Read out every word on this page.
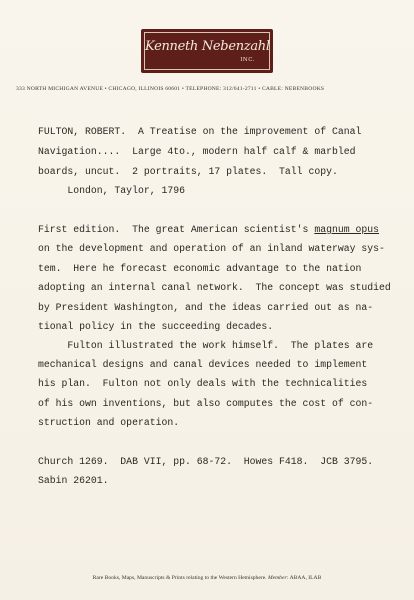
Kenneth Nebenzahl
INC.
333 NORTH MICHIGAN AVENUE • CHICAGO, ILLINOIS 60601 • TELEPHONE: 312/641-2711 • CABLE: NEBENBOOKS
FULTON, ROBERT.  A Treatise on the improvement of Canal
Navigation....  Large 4to., modern half calf & marbled
boards, uncut.  2 portraits, 17 plates.  Tall copy.
London, Taylor, 1796
First edition.  The great American scientist's magnum opus
on the development and operation of an inland waterway sys-
tem.  Here he forecast economic advantage to the nation
adopting an internal canal network.  The concept was studied
by President Washington, and the ideas carried out as na-
tional policy in the succeeding decades.
Fulton illustrated the work himself.  The plates are
mechanical designs and canal devices needed to implement
his plan.  Fulton not only deals with the technicalities
of his own inventions, but also computes the cost of con-
struction and operation.
Church 1269.  DAB VII, pp. 68-72.  Howes F418.  JCB 3795.
Sabin 26201.
Rare Books, Maps, Manuscripts & Prints relating to the Western Hemisphere. Member: ABAA, ILAB
